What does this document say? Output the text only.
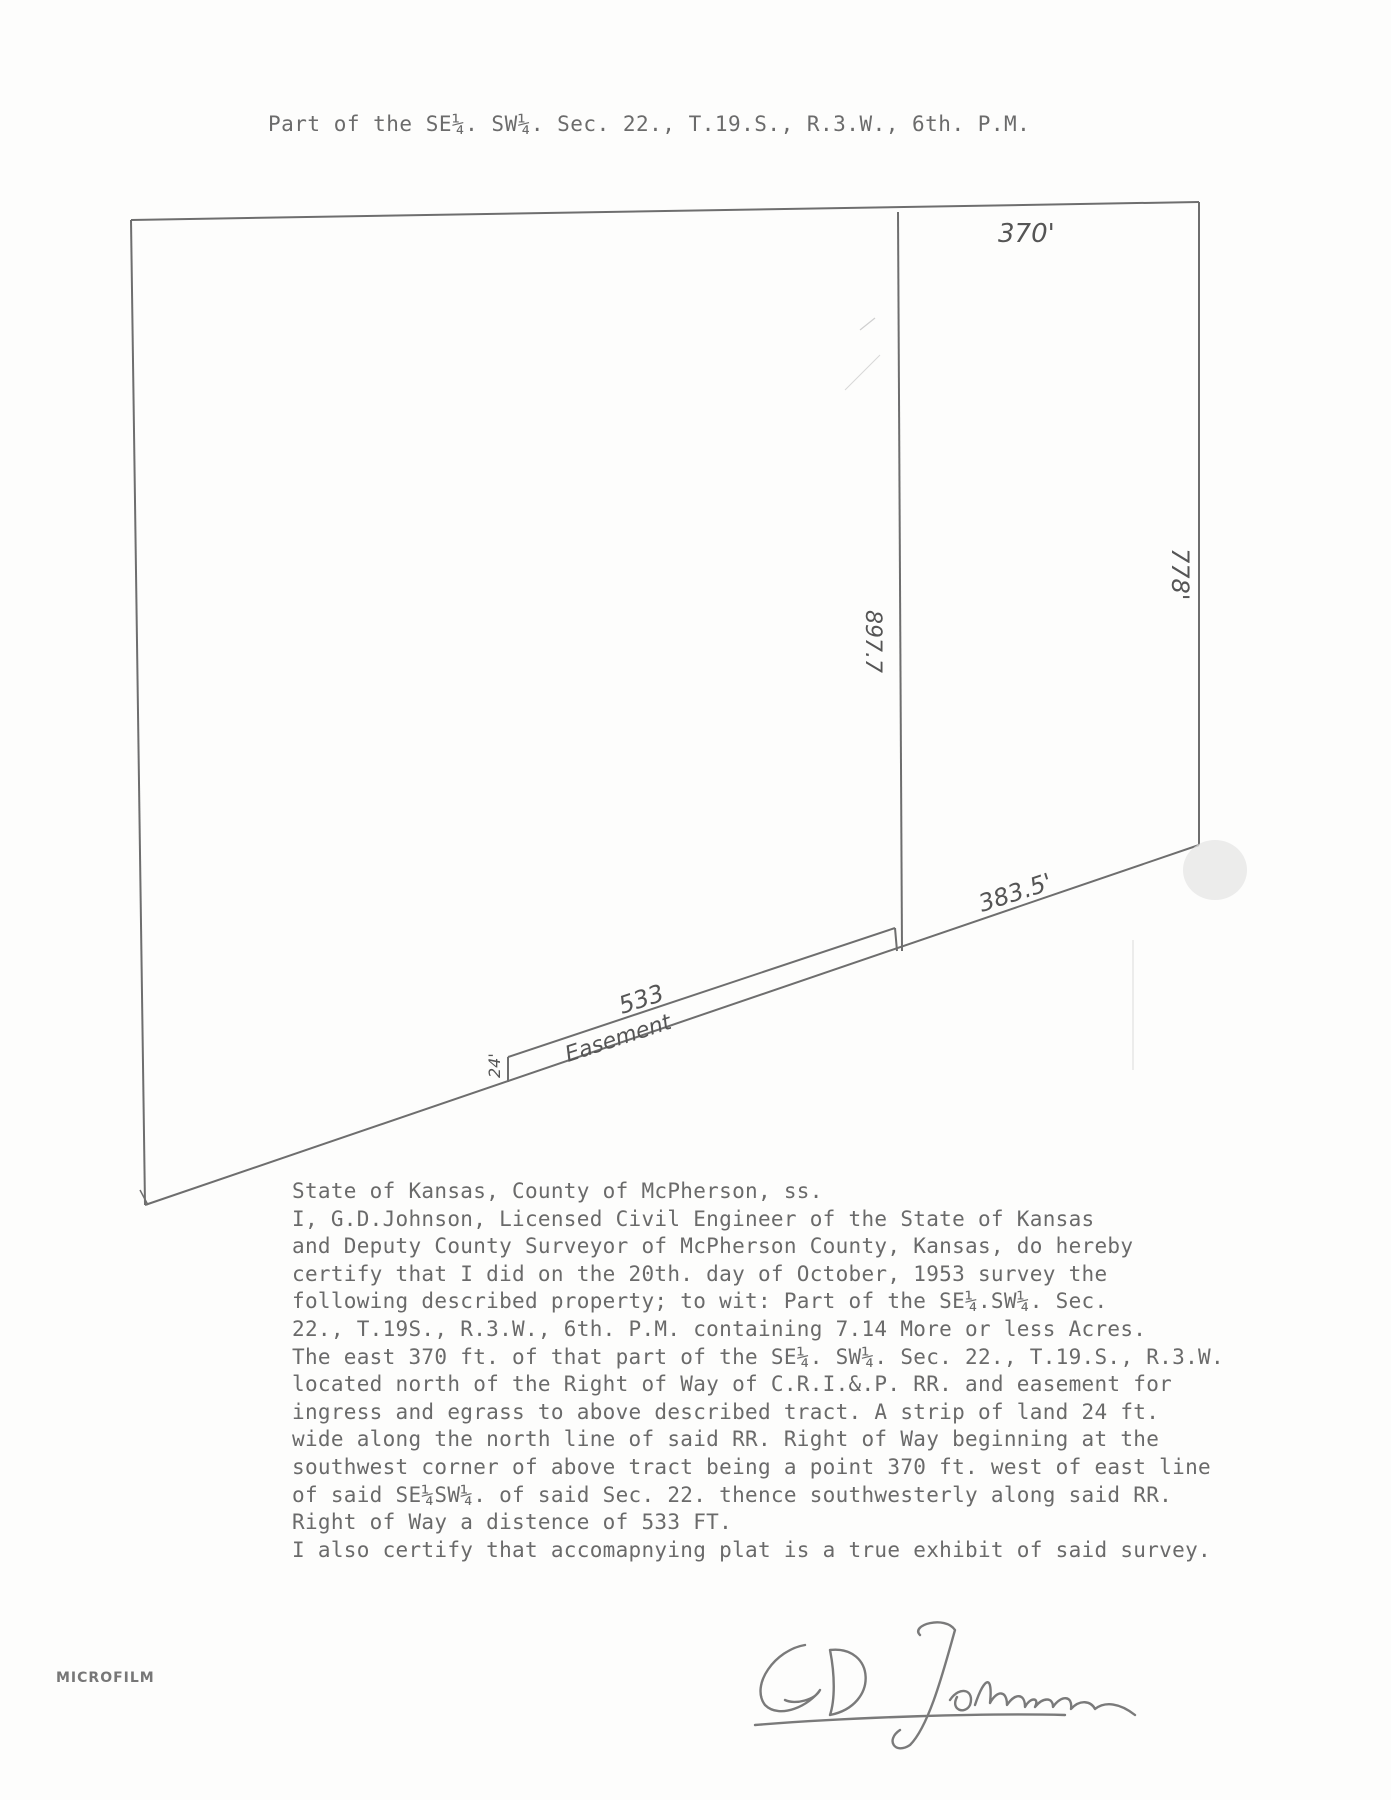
Part of the SE¼. SW¼. Sec. 22., T.19.S., R.3.W., 6th. P.M.
370'
778'
897.7
383.5'
533
Easement
24'
State of Kansas, County of McPherson, ss.
I, G.D.Johnson, Licensed Civil Engineer of the State of Kansas
and Deputy County Surveyor of McPherson County, Kansas, do hereby
certify that I did on the 20th. day of October, 1953 survey the
following described property; to wit: Part of the SE¼.SW¼. Sec.
22., T.19S., R.3.W., 6th. P.M. containing 7.14 More or less Acres.
The east 370 ft. of that part of the SE¼. SW¼. Sec. 22., T.19.S., R.3.W.
located north of the Right of Way of C.R.I.&.P. RR. and easement for
ingress and egrass to above described tract. A strip of land 24 ft.
wide along the north line of said RR. Right of Way beginning at the
southwest corner of above tract being a point 370 ft. west of east line
of said SE¼SW¼. of said Sec. 22. thence southwesterly along said RR.
Right of Way a distence of 533 FT.
I also certify that accomapnying plat is a true exhibit of said survey.
MICROFILM
